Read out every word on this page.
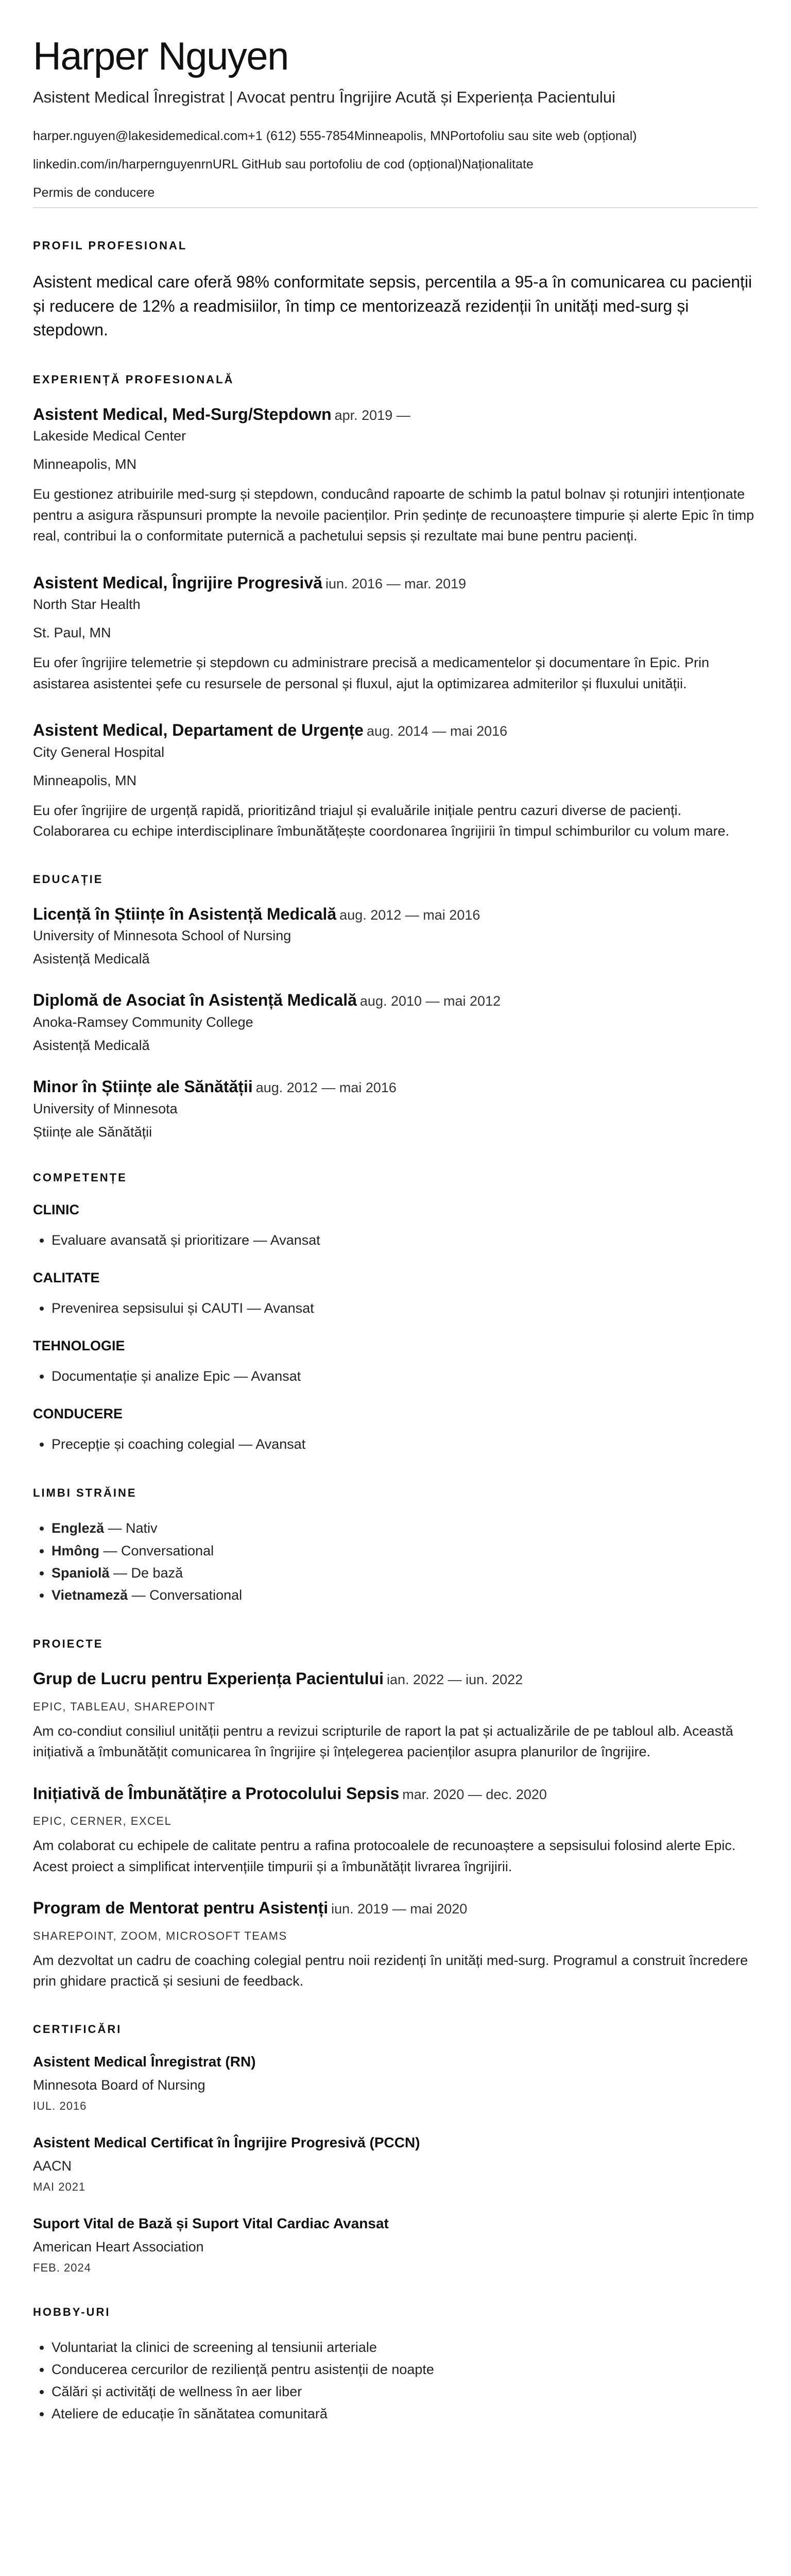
Harper Nguyen
Asistent Medical Înregistrat | Avocat pentru Îngrijire Acută și Experiența Pacientului
harper.nguyen@lakesidemedical.com+1 (612) 555-7854Minneapolis, MNPortofoliu sau site web (opțional)
linkedin.com/in/harpernguyenrnURL GitHub sau portofoliu de cod (opțional)Naționalitate
Permis de conducere
PROFIL PROFESIONAL

Asistent medical care oferă 98% conformitate sepsis, percentila a 95-a în comunicarea cu pacienții și reducere de 12% a readmisiilor, în timp ce mentorizează rezidenții în unități med-surg și stepdown.

EXPERIENȚĂ PROFESIONALĂ
Asistent Medical, Med-Surg/Stepdown apr. 2019 —
Lakeside Medical Center
Minneapolis, MN
Eu gestionez atribuirile med-surg și stepdown, conducând rapoarte de schimb la patul bolnav și rotunjiri intenționate pentru a asigura răspunsuri prompte la nevoile pacienților. Prin ședințe de recunoaștere timpurie și alerte Epic în timp real, contribui la o conformitate puternică a pachetului sepsis și rezultate mai bune pentru pacienți.
Asistent Medical, Îngrijire Progresivă iun. 2016 — mar. 2019
North Star Health
St. Paul, MN
Eu ofer îngrijire telemetrie și stepdown cu administrare precisă a medicamentelor și documentare în Epic. Prin asistarea asistentei șefe cu resursele de personal și fluxul, ajut la optimizarea admiterilor și fluxului unității.
Asistent Medical, Departament de Urgențe aug. 2014 — mai 2016
City General Hospital
Minneapolis, MN
Eu ofer îngrijire de urgență rapidă, prioritizând triajul și evaluările inițiale pentru cazuri diverse de pacienți. Colaborarea cu echipe interdisciplinare îmbunătățește coordonarea îngrijirii în timpul schimburilor cu volum mare.
EDUCAȚIE
Licență în Științe în Asistență Medicală aug. 2012 — mai 2016
University of Minnesota School of Nursing
Asistență Medicală
Diplomă de Asociat în Asistență Medicală aug. 2010 — mai 2012
Anoka-Ramsey Community College
Asistență Medicală
Minor în Științe ale Sănătății aug. 2012 — mai 2016
University of Minnesota
Științe ale Sănătății
COMPETENȚE
CLINIC
• Evaluare avansată și prioritizare — Avansat
CALITATE
• Prevenirea sepsisului și CAUTI — Avansat
TEHNOLOGIE
• Documentație și analize Epic — Avansat
CONDUCERE
• Precepție și coaching colegial — Avansat
LIMBI STRĂINE
• Engleză — Nativ
• Hmông — Conversational
• Spaniolă — De bază
• Vietnameză — Conversational
PROIECTE
Grup de Lucru pentru Experiența Pacientului ian. 2022 — iun. 2022
EPIC, TABLEAU, SHAREPOINT
Am co-condiut consiliul unității pentru a revizui scripturile de raport la pat și actualizările de pe tabloul alb. Această inițiativă a îmbunătățit comunicarea în îngrijire și înțelegerea pacienților asupra planurilor de îngrijire.
Inițiativă de Îmbunătățire a Protocolului Sepsis mar. 2020 — dec. 2020
EPIC, CERNER, EXCEL
Am colaborat cu echipele de calitate pentru a rafina protocoalele de recunoaștere a sepsisului folosind alerte Epic. Acest proiect a simplificat intervențiile timpurii și a îmbunătățit livrarea îngrijirii.
Program de Mentorat pentru Asistenți iun. 2019 — mai 2020
SHAREPOINT, ZOOM, MICROSOFT TEAMS
Am dezvoltat un cadru de coaching colegial pentru noii rezidenți în unități med-surg. Programul a construit încredere prin ghidare practică și sesiuni de feedback.
CERTIFICĂRI
Asistent Medical Înregistrat (RN)
Minnesota Board of Nursing
IUL. 2016
Asistent Medical Certificat în Îngrijire Progresivă (PCCN)
AACN
MAI 2021
Suport Vital de Bază și Suport Vital Cardiac Avansat
American Heart Association
FEB. 2024
HOBBY-URI
• Voluntariat la clinici de screening al tensiunii arteriale
• Conducerea cercurilor de reziliență pentru asistenții de noapte
• Călări și activități de wellness în aer liber
• Ateliere de educație în sănătatea comunitară
